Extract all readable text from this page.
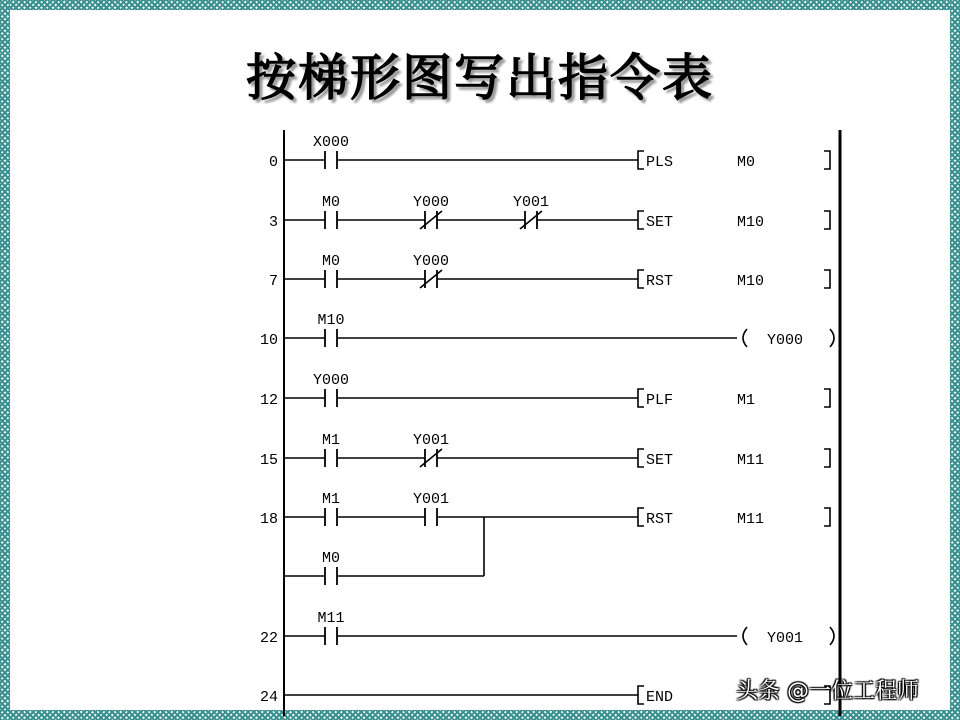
按梯形图写出指令表
0
X000
PLS	M0
3
M0	Y000	Y001
SET	M10
7
M0	Y000
RST	M10
10
M10
Y000
12
Y000
PLF	M1
15
M1	Y001
SET	M11
18
M1	Y001
M0
RST	M11
22
M11
Y001
24	END	头条 @一位工程师
